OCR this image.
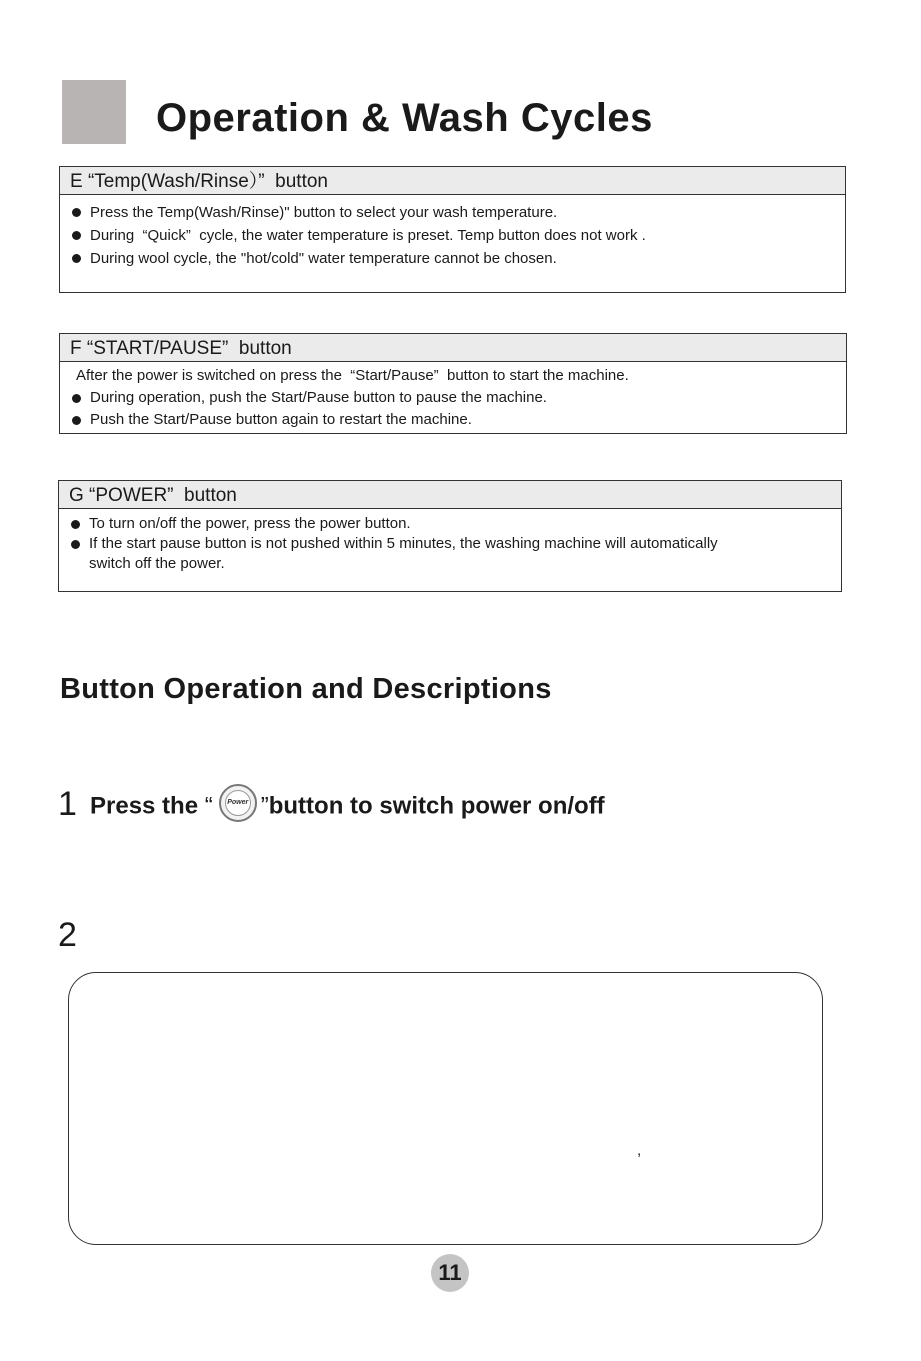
Operation & Wash Cycles
E “Temp(Wash/Rinse）”  button
Press the Temp(Wash/Rinse)" button to select your wash temperature.
During  “Quick”  cycle, the water temperature is preset. Temp button does not work .
During wool cycle, the "hot/cold" water temperature cannot be chosen.
F “START/PAUSE”  button
After the power is switched on press the  “Start/Pause”  button to start the machine.
During operation, push the Start/Pause button to pause the machine.
Push the Start/Pause button again to restart the machine.
G “POWER”  button
To turn on/off the power, press the power button.
If the start pause button is not pushed within 5 minutes, the washing machine will automatically
switch off the power.
Button Operation and Descriptions
1 Press the “	Power ”button to switch power on/off
2
,
11
